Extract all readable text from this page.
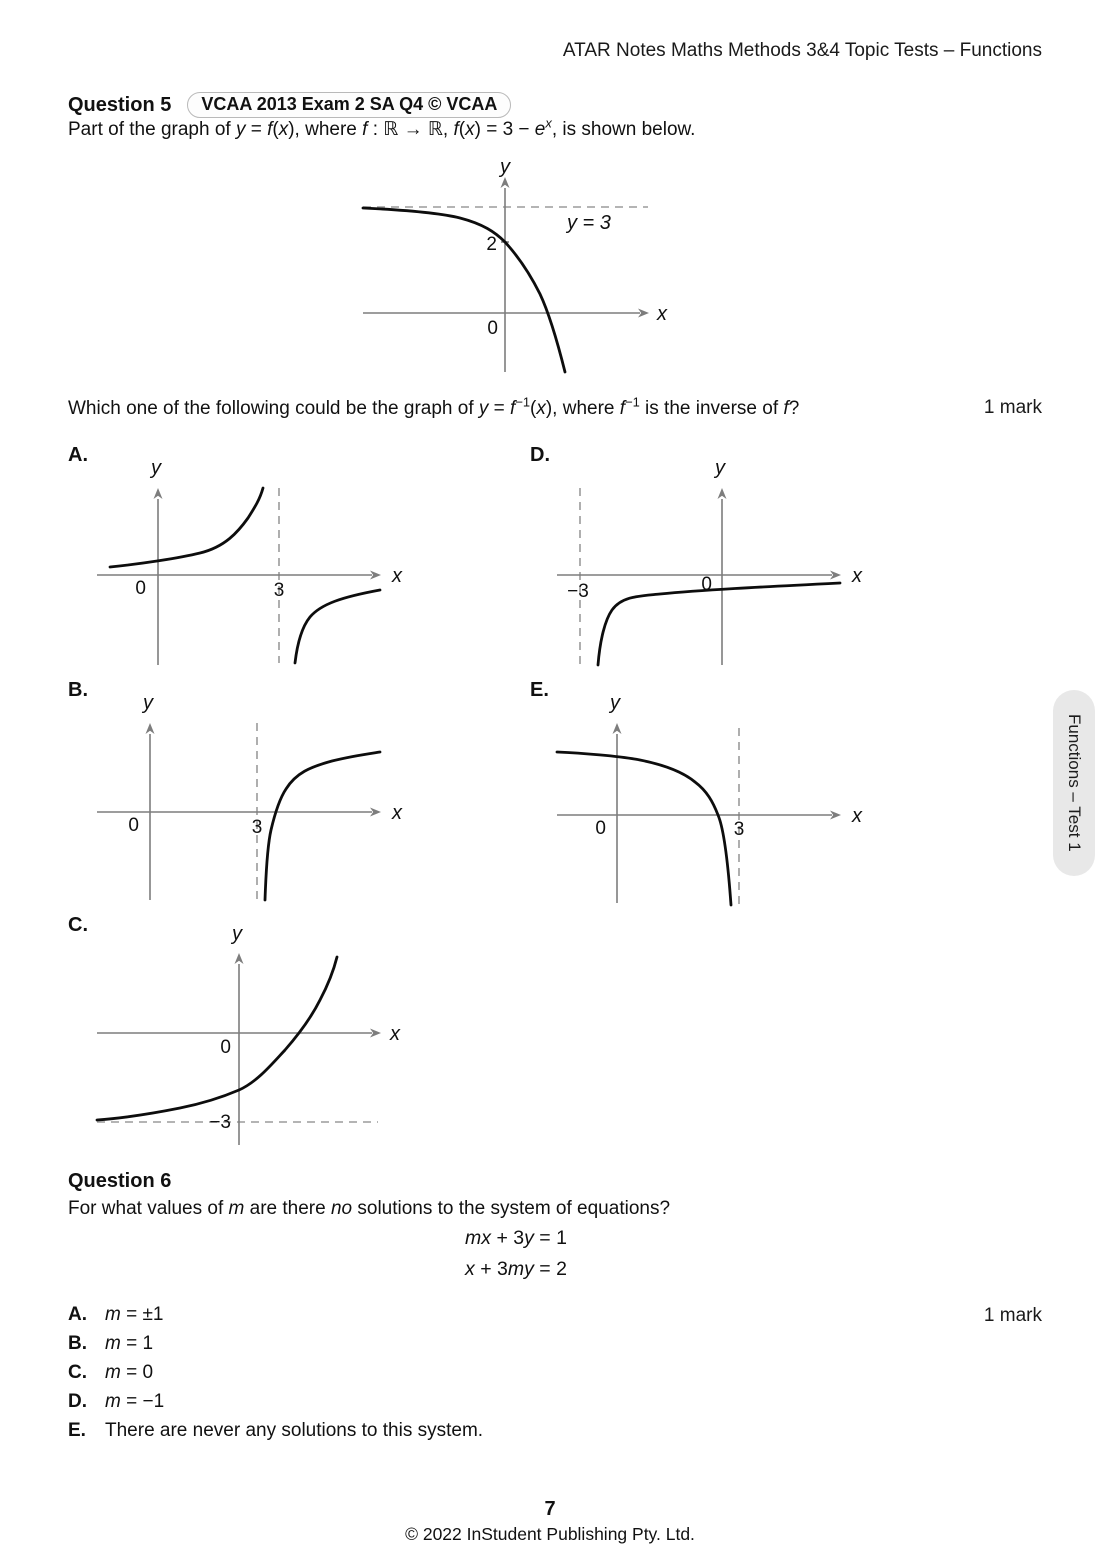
ATAR Notes Maths Methods 3&4 Topic Tests – Functions
Question 5	VCAA 2013 Exam 2 SA Q4 © VCAA
Part of the graph of y = f(x), where f : ℝ → ℝ, $f(x) = 3 - e^x$, is shown below.
y
x
2
0
y = 3
Which one of the following could be the graph of $y = f^{-1}(x)$, where $f^{-1}$ is the inverse of f?	1 mark
A.
y
x
0	3
D.
y
x
−3	0
B.
y
x
0	3
E.
y
x
0	3
C.	y
x
0
−3
Question 6
For what values of m are there no solutions to the system of equations?
mx + 3y = 1
x + 3my = 2
A. m = ±1	1 mark
B. m = 1
C. m = 0
D. m = −1
E.	There are never any solutions to this system.
Functions – Test 1
7
© 2022 InStudent Publishing Pty. Ltd.
